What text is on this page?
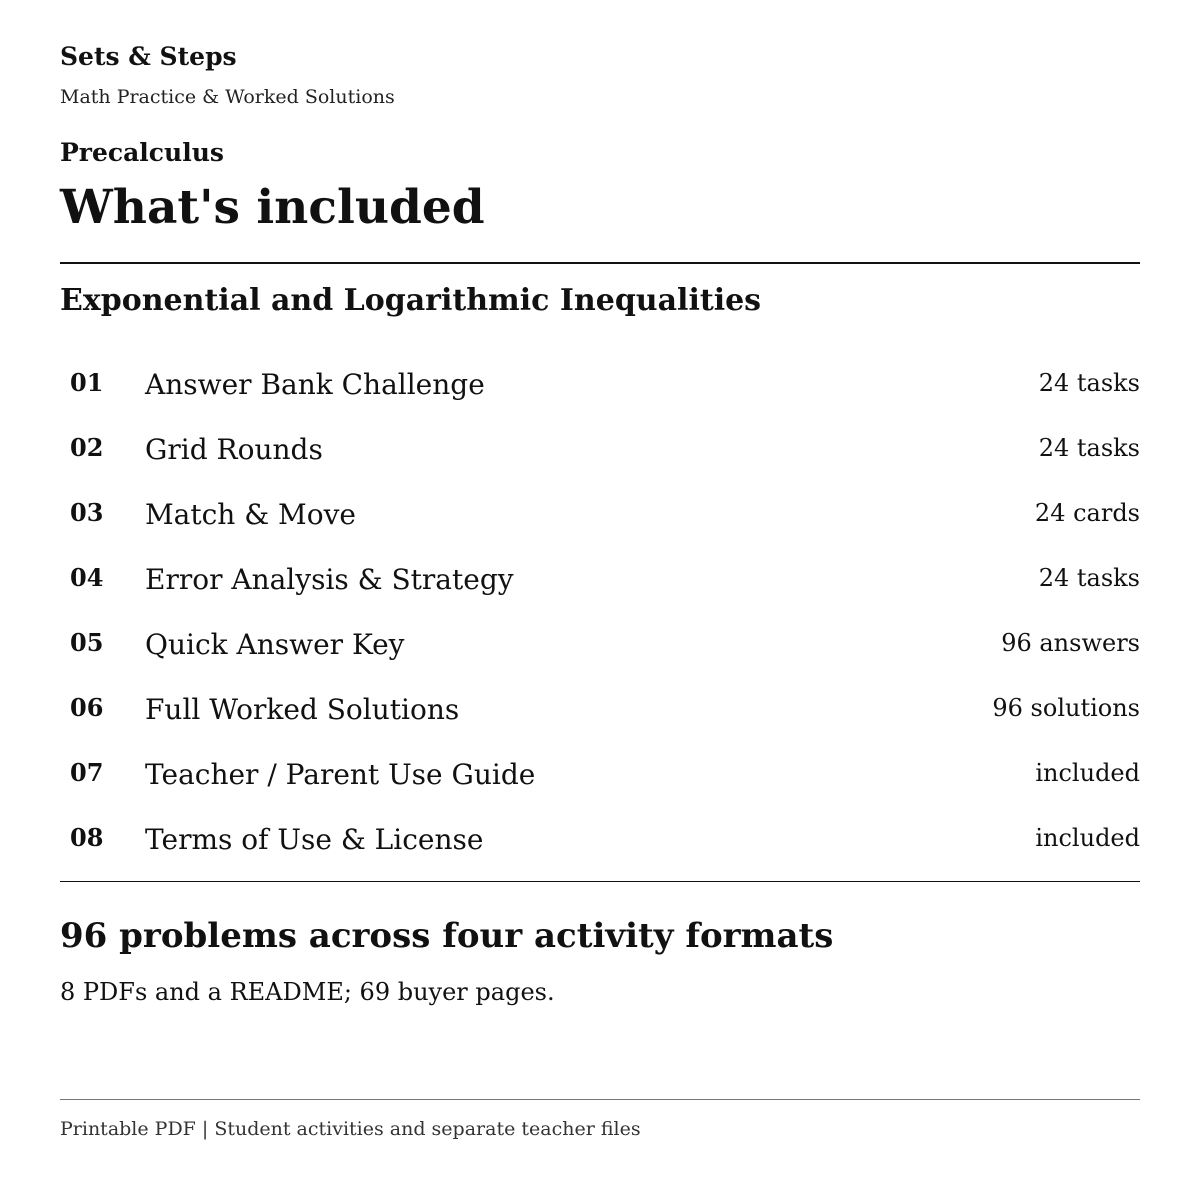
Sets & Steps
Math Practice & Worked Solutions
Precalculus
What's included
Exponential and Logarithmic Inequalities
01 Answer Bank Challenge	24 tasks
02 Grid Rounds	24 tasks
03 Match & Move	24 cards
04 Error Analysis & Strategy	24 tasks
05 Quick Answer Key	96 answers
06 Full Worked Solutions	96 solutions
07 Teacher / Parent Use Guide	included
08 Terms of Use & License	included
96 problems across four activity formats
8 PDFs and a README; 69 buyer pages.
Printable PDF | Student activities and separate teacher files
